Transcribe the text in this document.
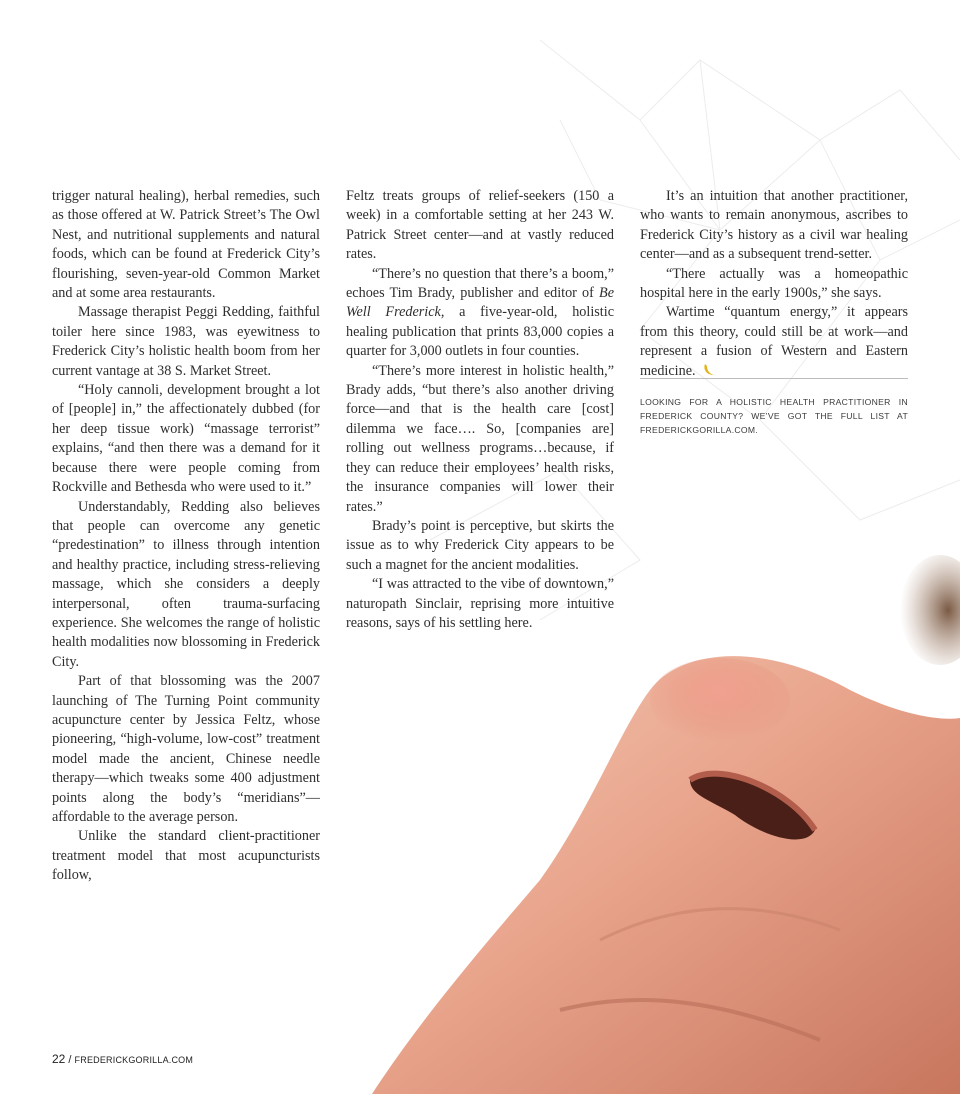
trigger natural healing), herbal remedies, such as those offered at W. Patrick Street’s The Owl Nest, and nutritional supplements and natural foods, which can be found at Frederick City’s flourishing, seven-year-old Common Market and at some area restaurants.

Massage therapist Peggi Redding, faithful toiler here since 1983, was eyewitness to Frederick City’s holistic health boom from her current vantage at 38 S. Market Street.

“Holy cannoli, development brought a lot of [people] in,” the affectionately dubbed (for her deep tissue work) “massage terrorist” explains, “and then there was a demand for it because there were people coming from Rockville and Bethesda who were used to it.”

Understandably, Redding also believes that people can overcome any genetic “predestination” to illness through intention and healthy practice, including stress-relieving massage, which she considers a deeply interpersonal, often trauma-surfacing experience. She welcomes the range of holistic health modalities now blossoming in Frederick City.

Part of that blossoming was the 2007 launching of The Turning Point community acupuncture center by Jessica Feltz, whose pioneering, “high-volume, low-cost” treatment model made the ancient, Chinese needle therapy—which tweaks some 400 adjustment points along the body’s “meridians”—affordable to the average person.

Unlike the standard client-practitioner treatment model that most acupuncturists follow,

Feltz treats groups of relief-seekers (150 a week) in a comfortable setting at her 243 W. Patrick Street center—and at vastly reduced rates.

“There’s no question that there’s a boom,” echoes Tim Brady, publisher and editor of Be Well Frederick, a five-year-old, holistic healing publication that prints 83,000 copies a quarter for 3,000 outlets in four counties.

“There’s more interest in holistic health,” Brady adds, “but there’s also another driving force—and that is the health care [cost] dilemma we face…. So, [companies are] rolling out wellness programs…because, if they can reduce their employees’ health risks, the insurance companies will lower their rates.”

Brady’s point is perceptive, but skirts the issue as to why Frederick City appears to be such a magnet for the ancient modalities.

“I was attracted to the vibe of downtown,” naturopath Sinclair, reprising more intuitive reasons, says of his settling here.

It’s an intuition that another practitioner, who wants to remain anonymous, ascribes to Frederick City’s history as a civil war healing center—and as a subsequent trend-setter.

“There actually was a homeopathic hospital here in the early 1900s,” she says.

Wartime “quantum energy,” it appears from this theory, could still be at work—and represent a fusion of Western and Eastern medicine.

LOOKING FOR A HOLISTIC HEALTH PRACTITIONER IN FREDERICK COUNTY? WE’VE GOT THE FULL LIST AT FREDERICKGORILLA.COM.
22 / FREDERICKGORILLA.COM
